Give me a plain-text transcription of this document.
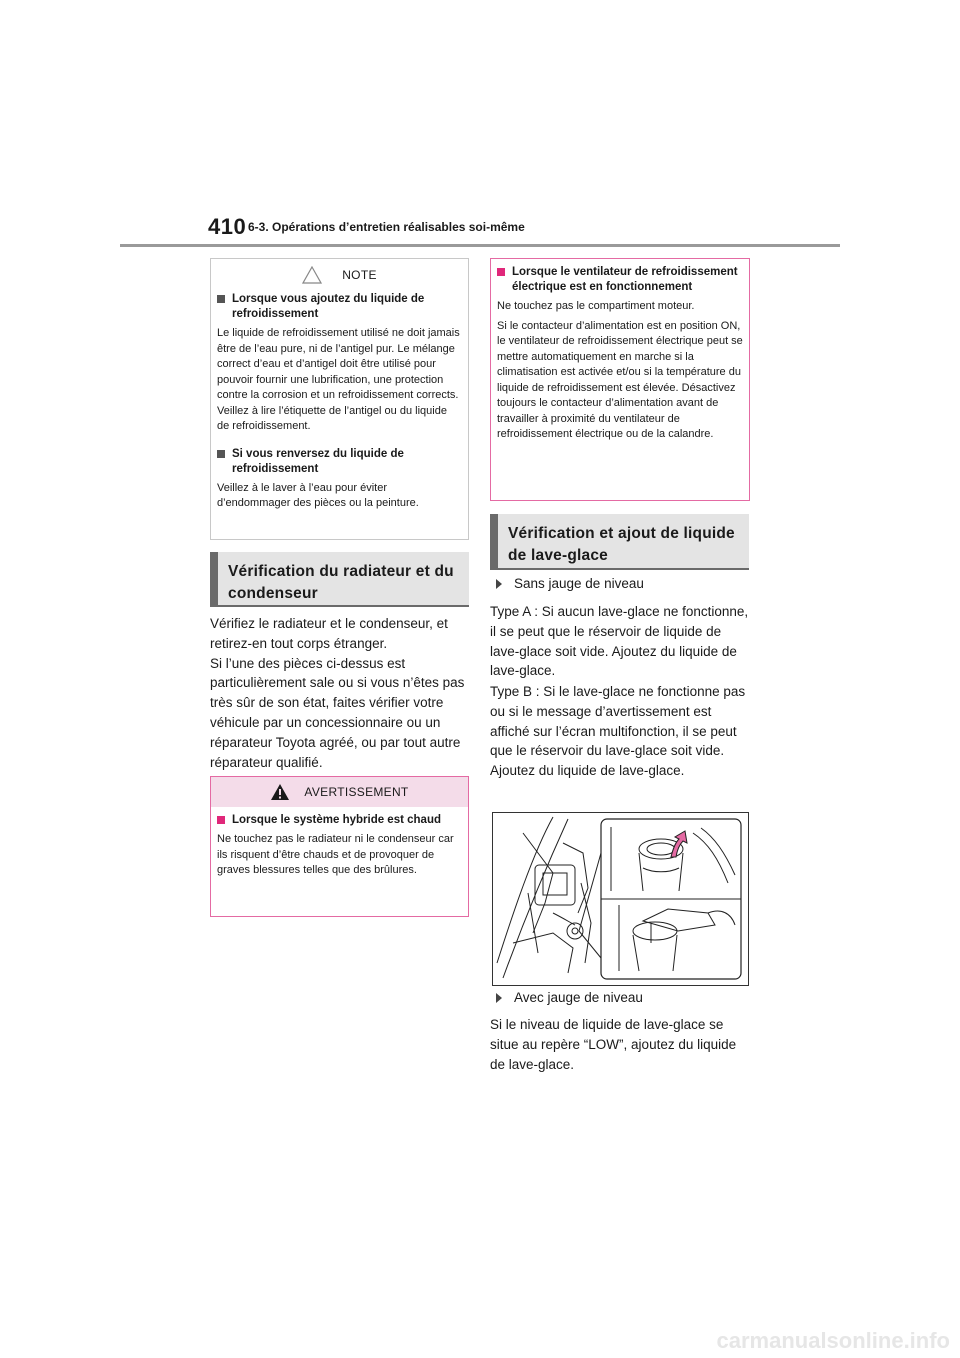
410 6-3. Opérations d’entretien réalisables soi-même
NOTE
Lorsque vous ajoutez du liquide de refroidissement
Le liquide de refroidissement utilisé ne doit jamais être de l’eau pure, ni de l’antigel pur. Le mélange correct d’eau et d’antigel doit être utilisé pour pouvoir fournir une lubrification, une protection contre la corrosion et un refroidissement corrects. Veillez à lire l’étiquette de l’antigel ou du liquide de refroidissement.
Si vous renversez du liquide de refroidissement
Veillez à le laver à l’eau pour éviter d’endommager des pièces ou la peinture.
Vérification du radiateur et du condenseur
Vérifiez le radiateur et le condenseur, et retirez-en tout corps étranger.
Si l’une des pièces ci-dessus est particulièrement sale ou si vous n’êtes pas très sûr de son état, faites vérifier votre véhicule par un concessionnaire ou un réparateur Toyota agréé, ou par tout autre réparateur qualifié.
AVERTISSEMENT
Lorsque le système hybride est chaud
Ne touchez pas le radiateur ni le condenseur car ils risquent d’être chauds et de provoquer de graves blessures telles que des brûlures.
Lorsque le ventilateur de refroidissement électrique est en fonctionnement
Ne touchez pas le compartiment moteur.
Si le contacteur d’alimentation est en position ON, le ventilateur de refroidissement électrique peut se mettre automatiquement en marche si la climatisation est activée et/ou si la température du liquide de refroidissement est élevée. Désactivez toujours le contacteur d’alimentation avant de travailler à proximité du ventilateur de refroidissement électrique ou de la calandre.
Vérification et ajout de liquide de lave-glace
Sans jauge de niveau
Type A : Si aucun lave-glace ne fonctionne, il se peut que le réservoir de liquide de lave-glace soit vide. Ajoutez du liquide de lave-glace.
Type B : Si le lave-glace ne fonctionne pas ou si le message d’avertissement est affiché sur l’écran multifonction, il se peut que le réservoir du lave-glace soit vide. Ajoutez du liquide de lave-glace.
Avec jauge de niveau
Si le niveau de liquide de lave-glace se situe au repère “LOW”, ajoutez du liquide de lave-glace.
carmanualsonline.info
